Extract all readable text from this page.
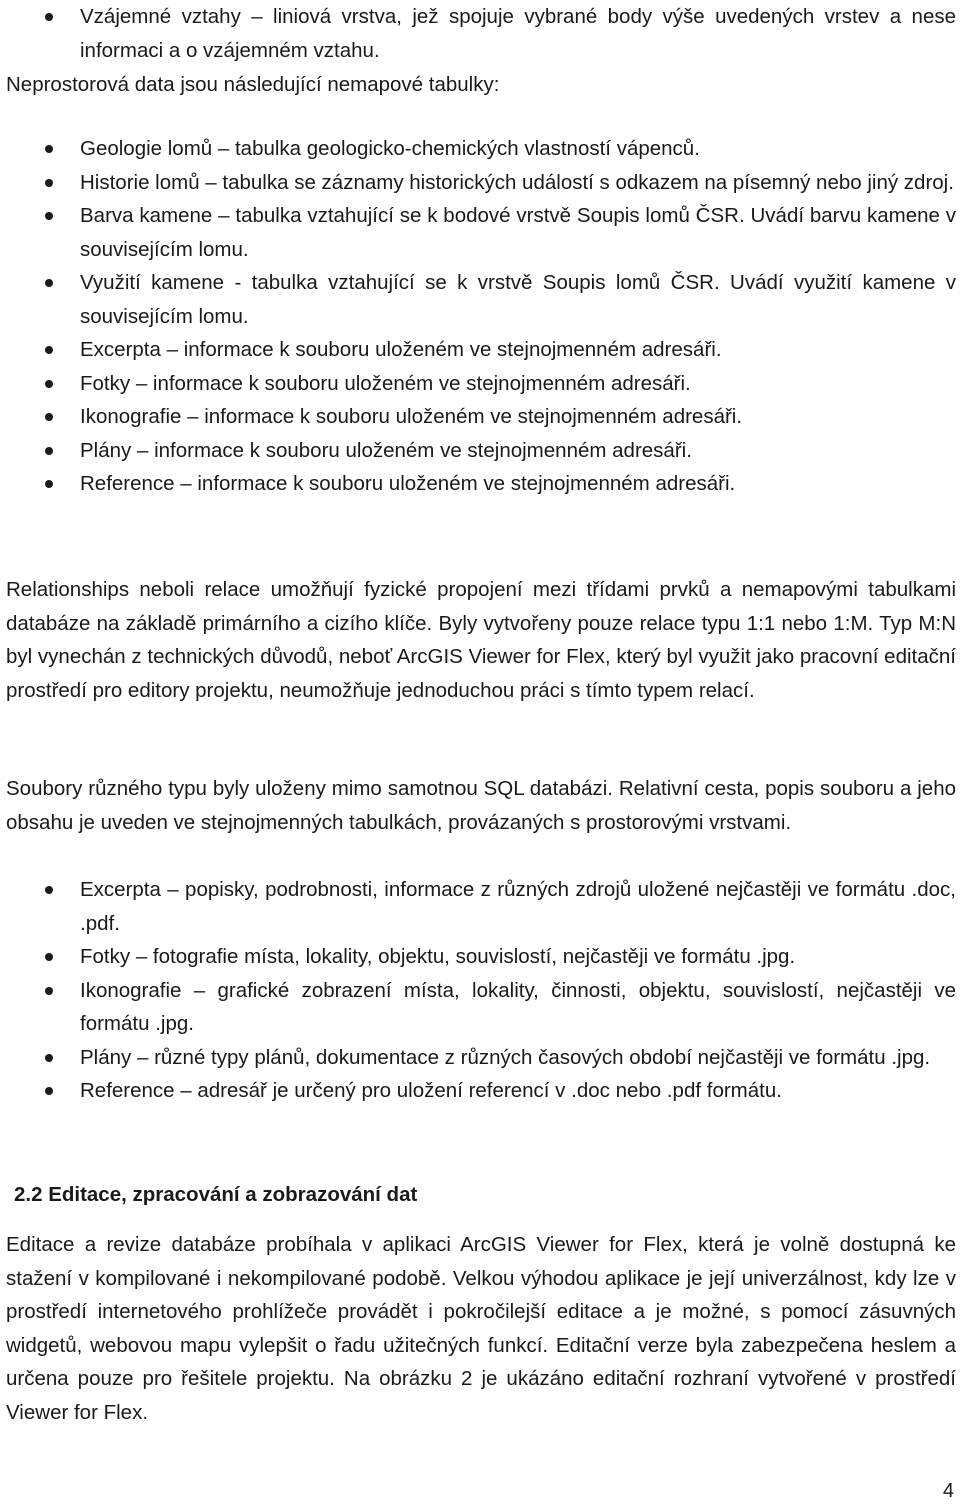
Vzájemné vztahy – liniová vrstva, jež spojuje vybrané body výše uvedených vrstev a nese informaci a o vzájemném vztahu.

Neprostorová data jsou následující nemapové tabulky:

Geologie lomů – tabulka geologicko-chemických vlastností vápenců.
Historie lomů – tabulka se záznamy historických událostí s odkazem na písemný nebo jiný zdroj.
Barva kamene – tabulka vztahující se k bodové vrstvě Soupis lomů ČSR. Uvádí barvu kamene v souvisejícím lomu.
Využití kamene - tabulka vztahující se k vrstvě Soupis lomů ČSR. Uvádí využití kamene v souvisejícím lomu.
Excerpta – informace k souboru uloženém ve stejnojmenném adresáři.
Fotky – informace k souboru uloženém ve stejnojmenném adresáři.
Ikonografie – informace k souboru uloženém ve stejnojmenném adresáři.
Plány – informace k souboru uloženém ve stejnojmenném adresáři.
Reference – informace k souboru uloženém ve stejnojmenném adresáři.

Relationships neboli relace umožňují fyzické propojení mezi třídami prvků a nemapovými tabulkami databáze na základě primárního a cizího klíče. Byly vytvořeny pouze relace typu 1:1 nebo 1:M. Typ M:N byl vynechán z technických důvodů, neboť ArcGIS Viewer for Flex, který byl využit jako pracovní editační prostředí pro editory projektu, neumožňuje jednoduchou práci s tímto typem relací.

Soubory různého typu byly uloženy mimo samotnou SQL databázi. Relativní cesta, popis souboru a jeho obsahu je uveden ve stejnojmenných tabulkách, provázaných s prostorovými vrstvami.

Excerpta – popisky, podrobnosti, informace z různých zdrojů uložené nejčastěji ve formátu .doc, .pdf.
Fotky – fotografie místa, lokality, objektu, souvislostí, nejčastěji ve formátu .jpg.
Ikonografie – grafické zobrazení místa, lokality, činnosti, objektu, souvislostí, nejčastěji ve formátu .jpg.
Plány – různé typy plánů, dokumentace z různých časových období nejčastěji ve formátu .jpg.
Reference – adresář je určený pro uložení referencí v .doc nebo .pdf formátu.
2.2 Editace, zpracování a zobrazování dat

Editace a revize databáze probíhala v aplikaci ArcGIS Viewer for Flex, která je volně dostupná ke stažení v kompilované i nekompilované podobě. Velkou výhodou aplikace je její univerzálnost, kdy lze v prostředí internetového prohlížeče provádět i pokročilejší editace a je možné, s pomocí zásuvných widgetů, webovou mapu vylepšit o řadu užitečných funkcí. Editační verze byla zabezpečena heslem a určena pouze pro řešitele projektu. Na obrázku 2 je ukázáno editační rozhraní vytvořené v prostředí Viewer for Flex.

4
